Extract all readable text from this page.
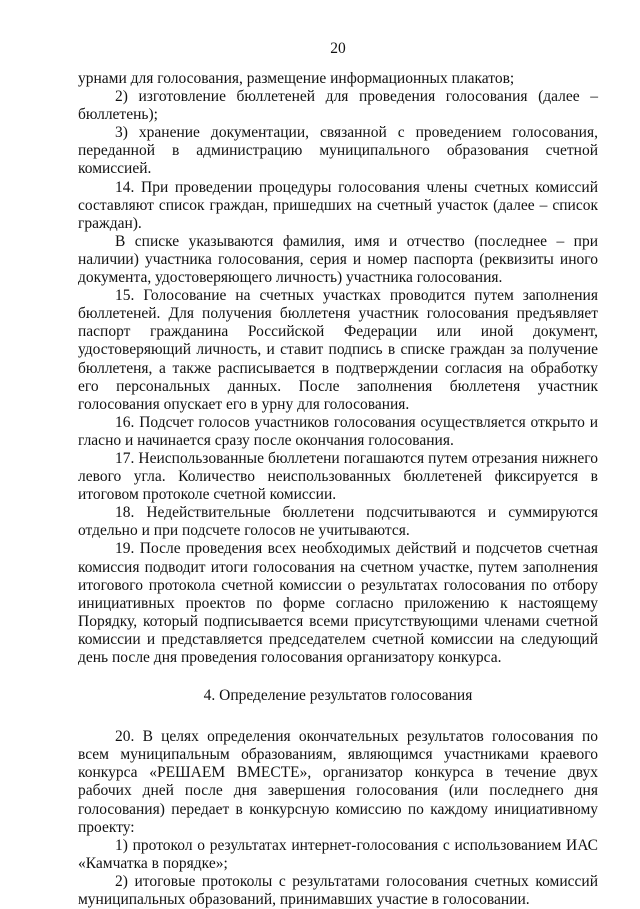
20

урнами для голосования, размещение информационных плакатов;

2) изготовление бюллетеней для проведения голосования (далее – бюллетень);

3) хранение документации, связанной с проведением голосования, переданной в администрацию муниципального образования счетной комиссией.

14. При проведении процедуры голосования члены счетных комиссий составляют список граждан, пришедших на счетный участок (далее – список граждан).

В списке указываются фамилия, имя и отчество (последнее – при наличии) участника голосования, серия и номер паспорта (реквизиты иного документа, удостоверяющего личность) участника голосования.

15. Голосование на счетных участках проводится путем заполнения бюллетеней. Для получения бюллетеня участник голосования предъявляет паспорт гражданина Российской Федерации или иной документ, удостоверяющий личность, и ставит подпись в списке граждан за получение бюллетеня, а также расписывается в подтверждении согласия на обработку его персональных данных. После заполнения бюллетеня участник голосования опускает его в урну для голосования.

16. Подсчет голосов участников голосования осуществляется открыто и гласно и начинается сразу после окончания голосования.

17. Неиспользованные бюллетени погашаются путем отрезания нижнего левого угла. Количество неиспользованных бюллетеней фиксируется в итоговом протоколе счетной комиссии.

18. Недействительные бюллетени подсчитываются и суммируются отдельно и при подсчете голосов не учитываются.

19. После проведения всех необходимых действий и подсчетов счетная комиссия подводит итоги голосования на счетном участке, путем заполнения итогового протокола счетной комиссии о результатах голосования по отбору инициативных проектов по форме согласно приложению к настоящему Порядку, который подписывается всеми присутствующими членами счетной комиссии и представляется председателем счетной комиссии на следующий день после дня проведения голосования организатору конкурса.

4. Определение результатов голосования

20. В целях определения окончательных результатов голосования по всем муниципальным образованиям, являющимся участниками краевого конкурса «РЕШАЕМ ВМЕСТЕ», организатор конкурса в течение двух рабочих дней после дня завершения голосования (или последнего дня голосования) передает в конкурсную комиссию по каждому инициативному проекту:

1) протокол о результатах интернет-голосования с использованием ИАС «Камчатка в порядке»;

2) итоговые протоколы с результатами голосования счетных комиссий муниципальных образований, принимавших участие в голосовании.
